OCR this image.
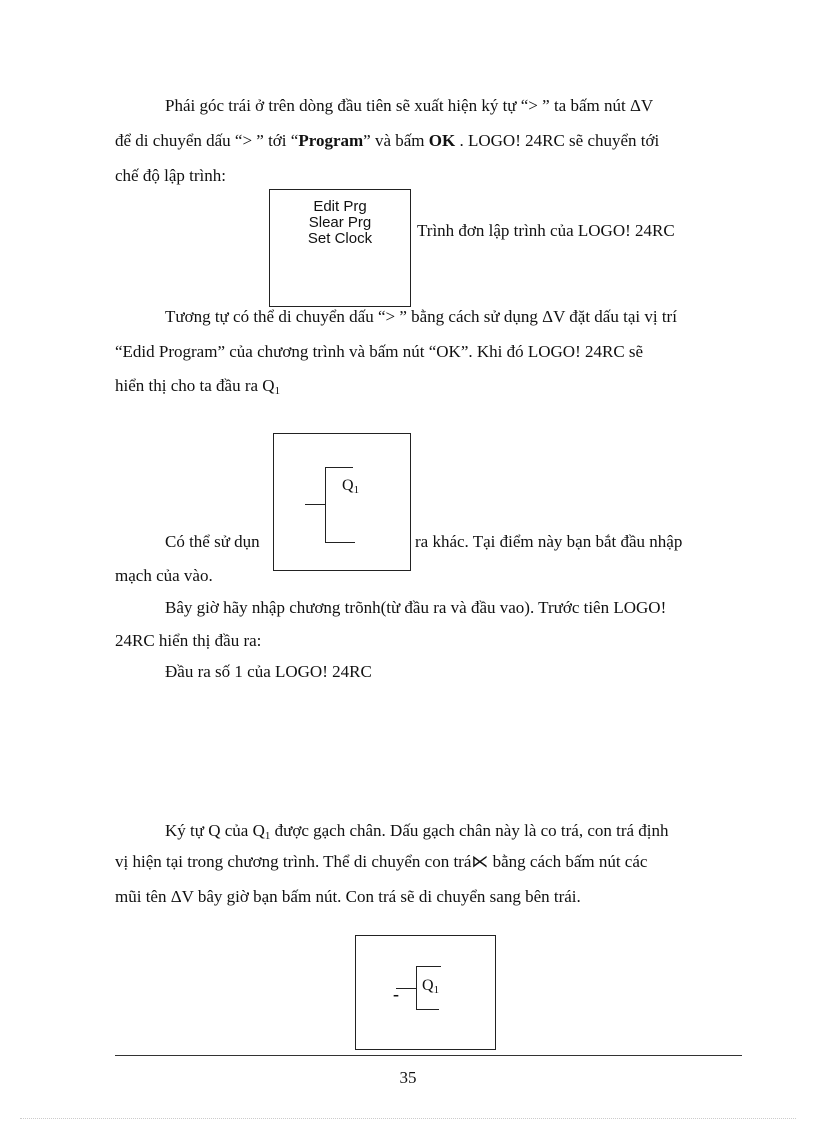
Phái góc trái ở trên dòng đầu tiên sẽ xuất hiện ký tự “> ” ta bấm nút ΔV
để di chuyển dấu “> ” tới “Program” và bấm OK . LOGO! 24RC sẽ chuyển tới
chế độ lập trình:
Edit Prg
Slear Prg
Set Clock	Trình đơn lập trình của LOGO! 24RC
Tương tự có thể di chuyển dấu “> ” bằng cách sử dụng ΔV đặt dấu tại vị trí
“Edid Program” của chương trình và bấm nút “OK”. Khi đó LOGO! 24RC sẽ
hiển thị cho ta đầu ra $Q_1$
$Q_1$
Có thể sử dụn	ra khác. Tại điểm này bạn bắt đầu nhập
mạch của vào.
Bây giờ hãy nhập chương trõnh(từ đầu ra và đầu vao). Trước tiên LOGO!
24RC hiển thị đầu ra:
Đầu ra số 1 của LOGO! 24RC
Ký tự Q của $Q_1$ được gạch chân. Dấu gạch chân này là co trá, con trá định
vị hiện tại trong chương trình. Thể di chuyển con trá⋉ bằng cách bấm nút các
mũi tên ΔV bây giờ bạn bấm nút. Con trá sẽ di chuyển sang bên trái.
- $Q_1$
35
